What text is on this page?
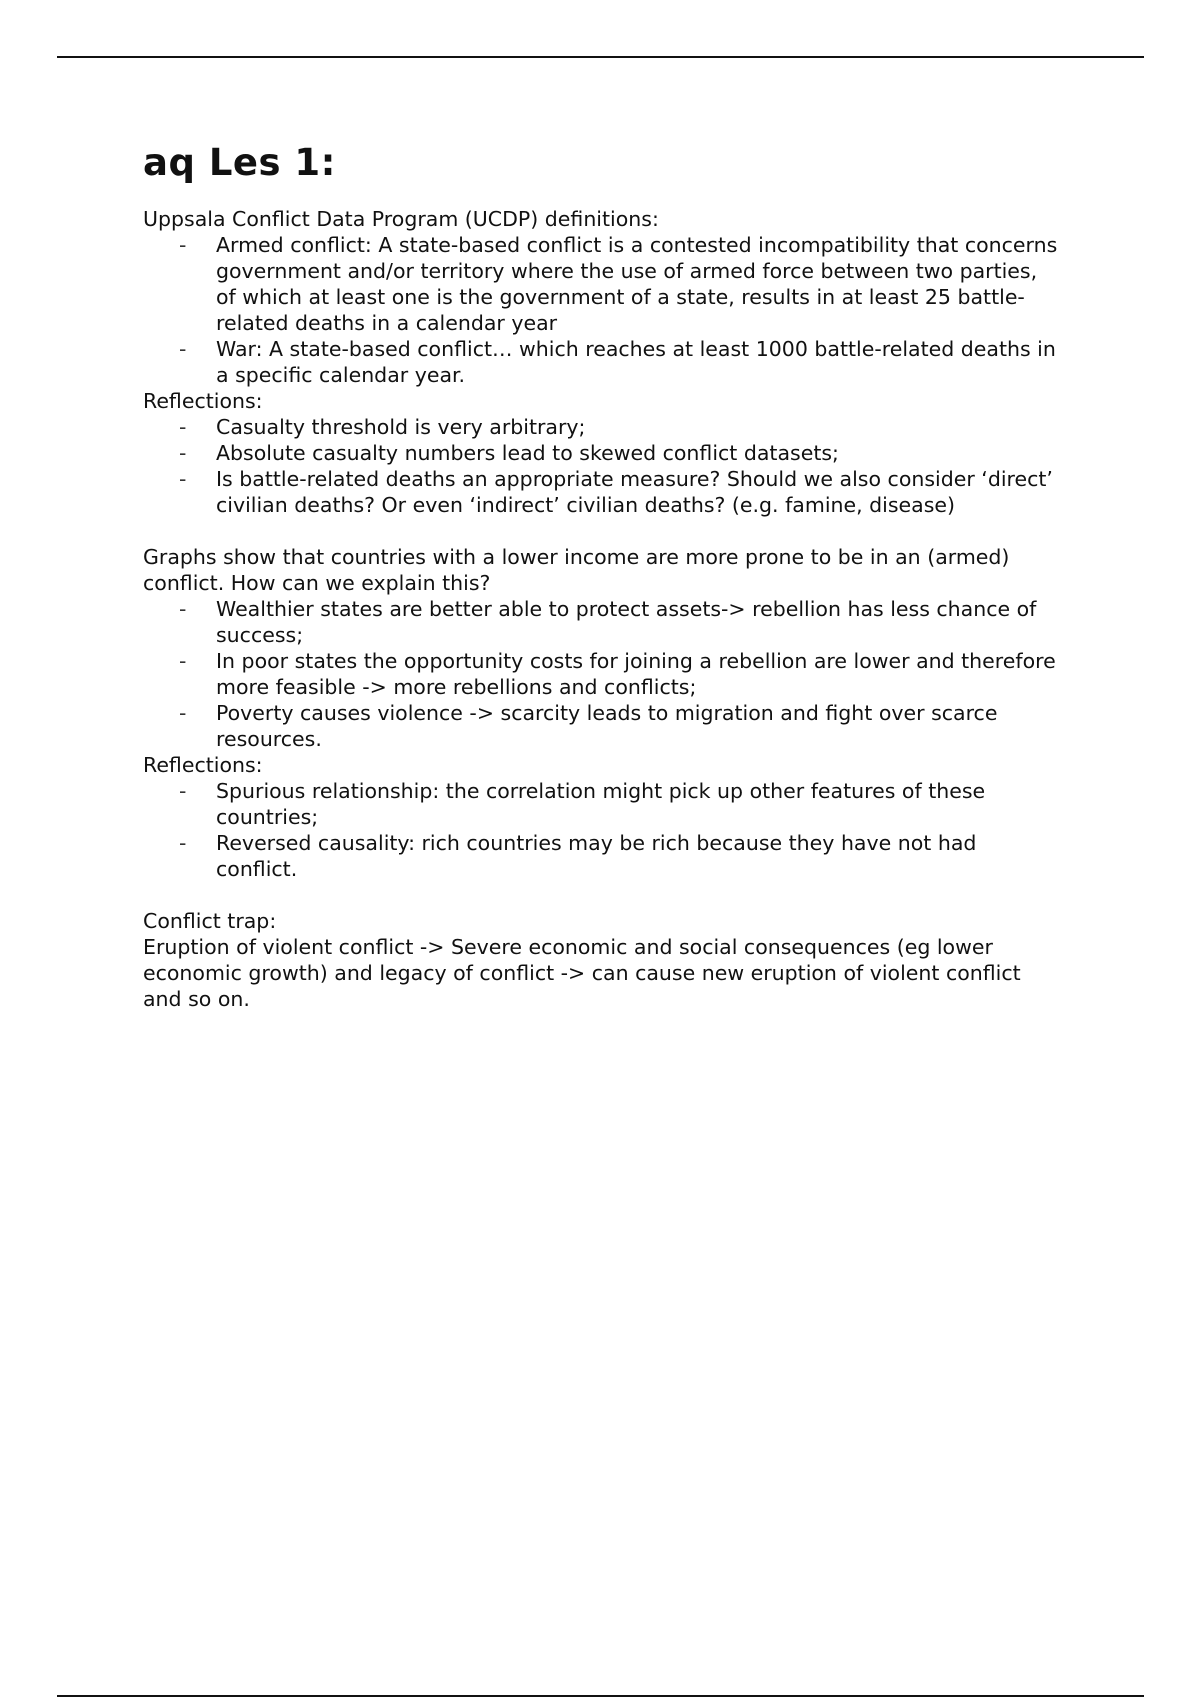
aq Les 1:

Uppsala Conflict Data Program (UCDP) definitions:

- Armed conflict: A state-based conflict is a contested incompatibility that concerns government and/or territory where the use of armed force between two parties, of which at least one is the government of a state, results in at least 25 battle-related deaths in a calendar year
- War: A state-based conflict… which reaches at least 1000 battle-related deaths in a specific calendar year.

Reflections:

- Casualty threshold is very arbitrary;
- Absolute casualty numbers lead to skewed conflict datasets;
- Is battle-related deaths an appropriate measure? Should we also consider ‘direct’ civilian deaths? Or even ‘indirect’ civilian deaths? (e.g. famine, disease)

Graphs show that countries with a lower income are more prone to be in an (armed) conflict. How can we explain this?

- Wealthier states are better able to protect assets-> rebellion has less chance of success;
- In poor states the opportunity costs for joining a rebellion are lower and therefore more feasible -> more rebellions and conflicts;
- Poverty causes violence -> scarcity leads to migration and fight over scarce resources.

Reflections:

- Spurious relationship: the correlation might pick up other features of these countries;
- Reversed causality: rich countries may be rich because they have not had conflict.

Conflict trap:

Eruption of violent conflict -> Severe economic and social consequences (eg lower economic growth) and legacy of conflict -> can cause new eruption of violent conflict and so on.
